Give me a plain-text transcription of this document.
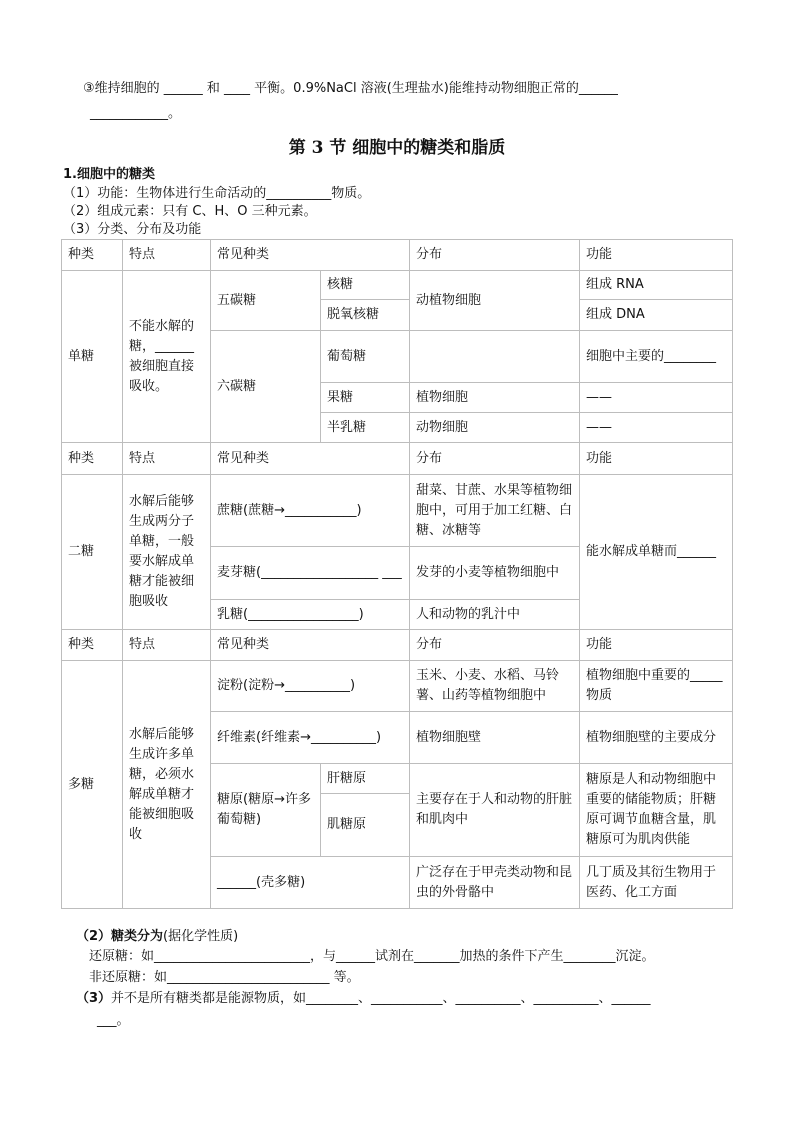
③维持细胞的 ______ 和 ____ 平衡。0.9%NaCl 溶液(生理盐水)能维持动物细胞正常的______
____________。
第 3 节 细胞中的糖类和脂质
1.细胞中的糖类
（1）功能：生物体进行生命活动的__________物质。
（2）组成元素：只有 C、H、O 三种元素。
（3）分类、分布及功能
种类	特点	常见种类		分布	功能
单糖	不能水解的糖，______被细胞直接吸收。	五碳糖	核糖	动植物细胞	组成 RNA
			脱氧核糖		组成 DNA
		六碳糖	葡萄糖		细胞中主要的________
			果糖	植物细胞	——
			半乳糖	动物细胞	——
种类	特点	常见种类		分布	功能
二糖	水解后能够生成两分子单糖，一般要水解成单糖才能被细胞吸收	蔗糖(蔗糖→___________)		甜菜、甘蔗、水果等植物细胞中，可用于加工红糖、白糖、冰糖等	能水解成单糖而______
		麦芽糖(__________________ ___		发芽的小麦等植物细胞中	
		乳糖(_________________)		人和动物的乳汁中	
种类	特点	常见种类		分布	功能
多糖	水解后能够生成许多单糖，必须水解成单糖才能被细胞吸收	淀粉(淀粉→__________)		玉米、小麦、水稻、马铃薯、山药等植物细胞中	植物细胞中重要的_____物质
		纤维素(纤维素→__________)		植物细胞壁	植物细胞壁的主要成分
		糖原(糖原→许多葡萄糖)	肝糖原	主要存在于人和动物的肝脏和肌肉中	糖原是人和动物细胞中重要的储能物质；肝糖原可调节血糖含量，肌糖原可为肌肉供能
			肌糖原		
		______(壳多糖)		广泛存在于甲壳类动物和昆虫的外骨骼中	几丁质及其衍生物用于医药、化工方面
（2）糖类分为(据化学性质)
还原糖：如________________________，与______试剂在_______加热的条件下产生________沉淀。
非还原糖：如_________________________ 等。
（3）并不是所有糖类都是能源物质，如________、___________、__________、__________、______
___。
